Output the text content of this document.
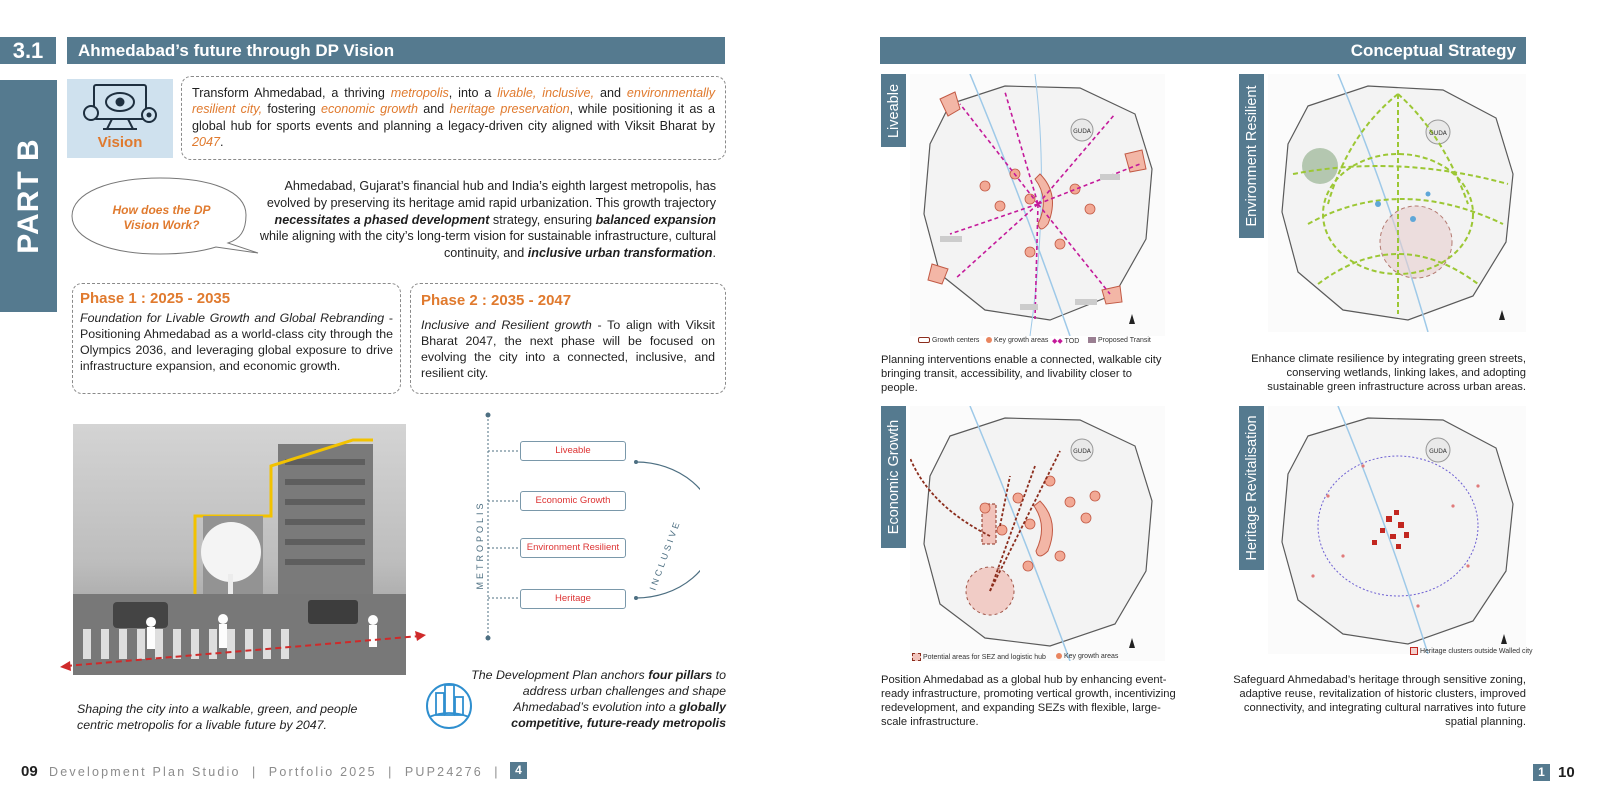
3.1	Ahmedabad’s future through DP Vision
PART B	Vision
Transform Ahmedabad, a thriving metropolis, into a livable, inclusive, and environmentally resilient city, fostering economic growth and heritage preservation, while positioning it as a global hub for sports events and planning a legacy-driven city aligned with Viksit Bharat by 2047.
How does the DP Vision Work?
Ahmedabad, Gujarat’s financial hub and India’s eighth largest metropolis, has evolved by preserving its heritage amid rapid urbanization. This growth trajectory necessitates a phased development strategy, ensuring balanced expansion while aligning with the city’s long-term vision for sustainable infrastructure, cultural continuity, and inclusive urban transformation.
Phase 1 : 2025 - 2035
Foundation for Livable Growth and Global Rebranding - Positioning Ahmedabad as a world-class city through the Olympics 2036, and leveraging global exposure to drive infrastructure expansion, and economic growth.
Phase 2 : 2035 - 2047
Inclusive and Resilient growth - To align with Viksit Bharat 2047, the next phase will be focused on evolving the city into a connected, inclusive, and resilient city.
Shaping the city into a walkable, green, and people centric metropolis for a livable future by 2047.
METROPOLIS	INCLUSIVE
Liveable
Economic Growth
Environment Resilient
Heritage
The Development Plan anchors four pillars to address urban challenges and shape Ahmedabad’s evolution into a globally competitive, future-ready metropolis
09 Development Plan Studio  |  Portfolio 2025  |  PUP24276  |	4
Conceptual Strategy
Liveable	Environment Resilient
Economic Growth	Heritage Revitalisation
GUDA
Growth centers	Key growth areas ◆◆ TOD	Proposed Transit
Planning interventions enable a connected, walkable city bringing transit, accessibility, and livability closer to people.
GUDA
Enhance climate resilience by integrating green streets, conserving wetlands, linking lakes, and adopting sustainable green infrastructure across urban areas.
GUDA
Potential areas for SEZ and logistic hub	Key growth areas
Position Ahmedabad as a global hub by enhancing event-ready infrastructure, promoting vertical growth, incentivizing redevelopment, and expanding SEZs with flexible, large-scale infrastructure.
GUDA
Heritage clusters outside Walled city
Safeguard Ahmedabad’s heritage through sensitive zoning, adaptive reuse, revitalization of historic clusters, improved connectivity, and integrating cultural narratives into future spatial planning.
1 10
